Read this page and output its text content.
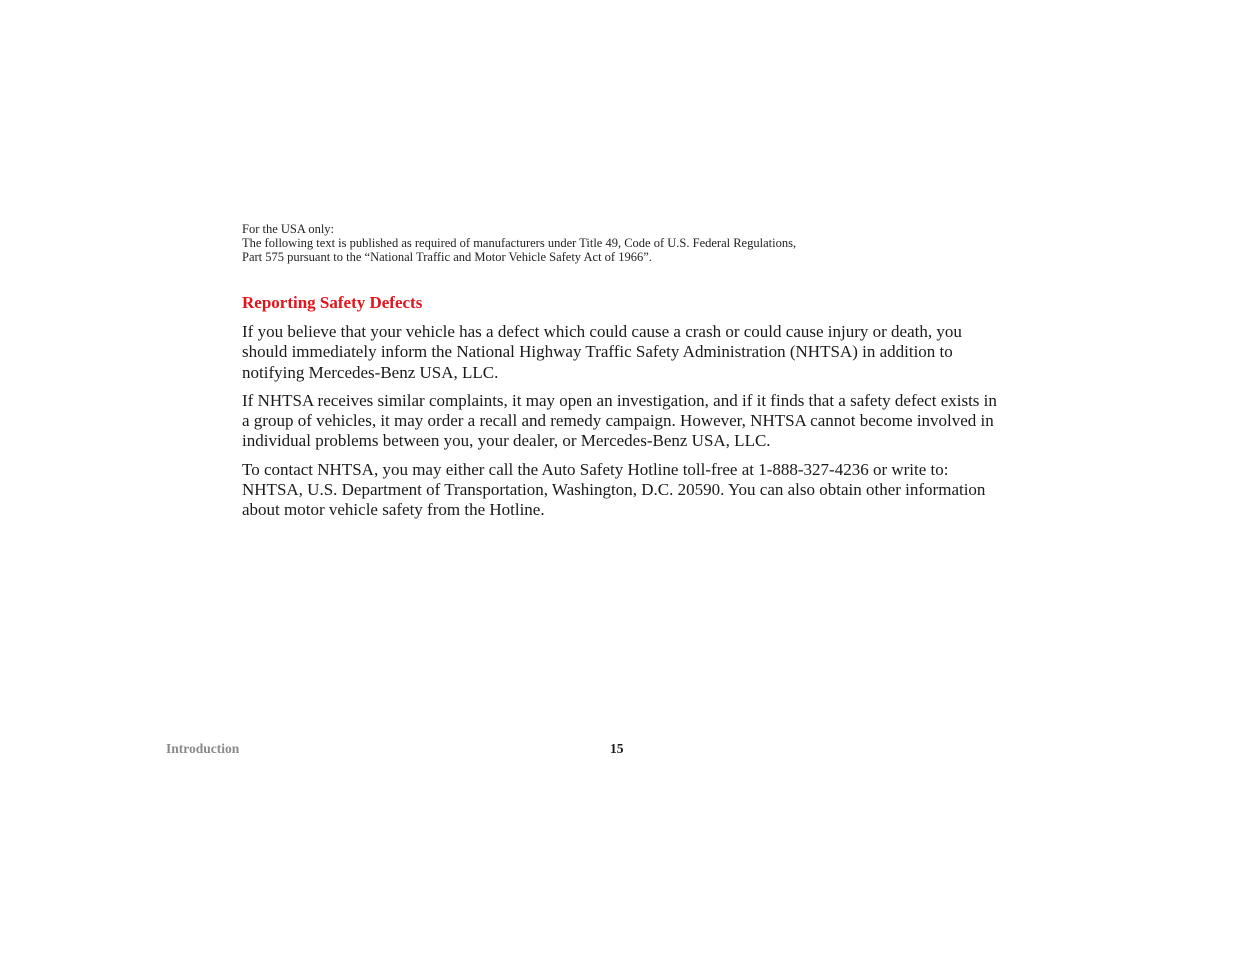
For the USA only:
The following text is published as required of manufacturers under Title 49, Code of U.S. Federal Regulations,
Part 575 pursuant to the “National Traffic and Motor Vehicle Safety Act of 1966”.
Reporting Safety Defects

If you believe that your vehicle has a defect which could cause a crash or could cause injury or death, you should immediately inform the National Highway Traffic Safety Administration (NHTSA) in addition to notifying Mercedes-Benz USA, LLC.

If NHTSA receives similar complaints, it may open an investigation, and if it finds that a safety defect exists in a group of vehicles, it may order a recall and remedy campaign. However, NHTSA cannot become involved in individual problems between you, your dealer, or Mercedes-Benz USA, LLC.

To contact NHTSA, you may either call the Auto Safety Hotline toll-free at 1-888-327-4236 or write to: NHTSA, U.S. Department of Transportation, Washington, D.C. 20590. You can also obtain other information about motor vehicle safety from the Hotline.

Introduction	15
